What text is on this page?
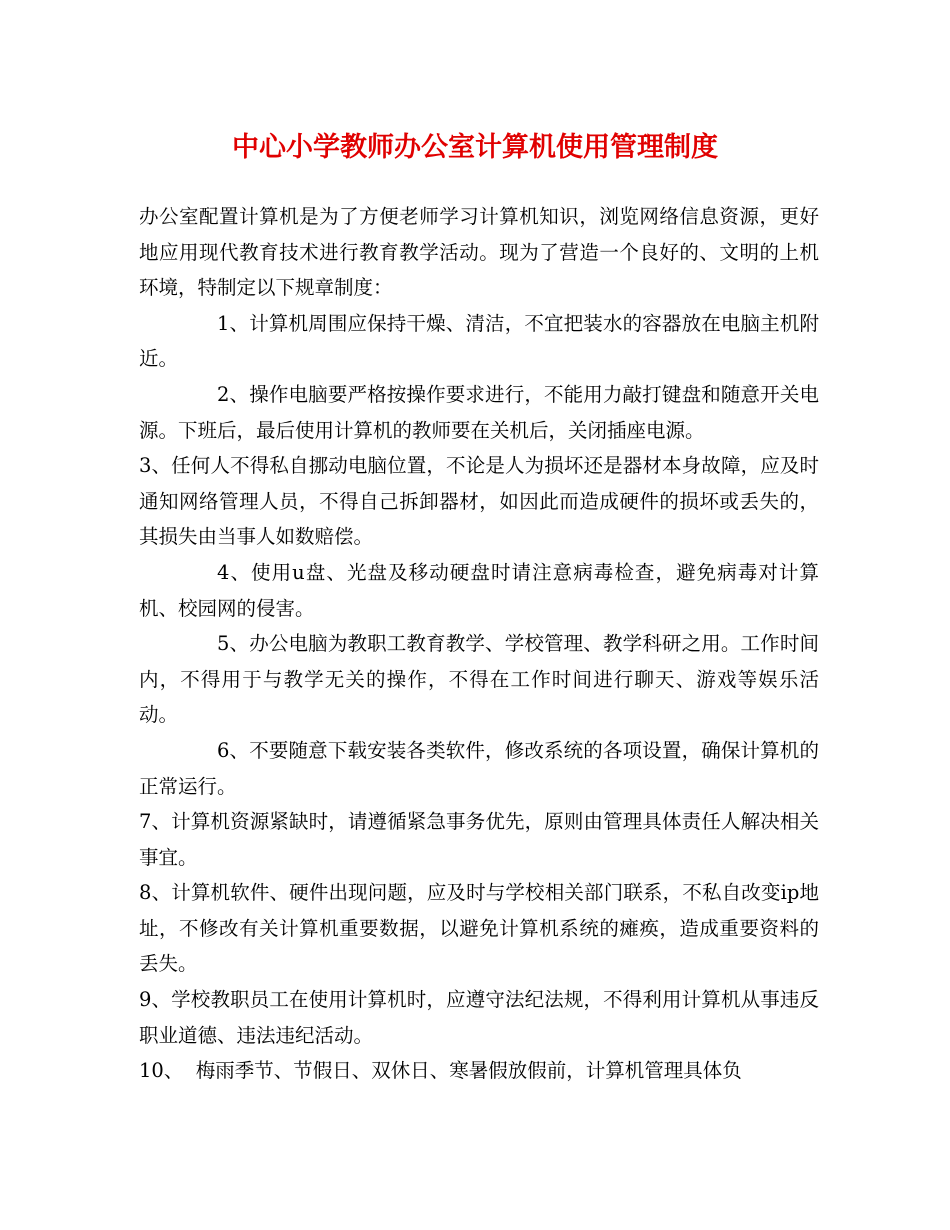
中心小学教师办公室计算机使用管理制度

办公室配置计算机是为了方便老师学习计算机知识，浏览网络信息资源，更好地应用现代教育技术进行教育教学活动。现为了营造一个良好的、文明的上机环境，特制定以下规章制度：

1、计算机周围应保持干燥、清洁，不宜把装水的容器放在电脑主机附近。

2、操作电脑要严格按操作要求进行，不能用力敲打键盘和随意开关电源。下班后，最后使用计算机的教师要在关机后，关闭插座电源。

3、任何人不得私自挪动电脑位置，不论是人为损坏还是器材本身故障，应及时通知网络管理人员，不得自己拆卸器材，如因此而造成硬件的损坏或丢失的，其损失由当事人如数赔偿。

4、使用u盘、光盘及移动硬盘时请注意病毒检查，避免病毒对计算机、校园网的侵害。

5、办公电脑为教职工教育教学、学校管理、教学科研之用。工作时间内，不得用于与教学无关的操作，不得在工作时间进行聊天、游戏等娱乐活动。

6、不要随意下载安装各类软件，修改系统的各项设置，确保计算机的正常运行。

7、计算机资源紧缺时，请遵循紧急事务优先，原则由管理具体责任人解决相关事宜。

8、计算机软件、硬件出现问题，应及时与学校相关部门联系，不私自改变ip地址，不修改有关计算机重要数据，以避免计算机系统的瘫痪，造成重要资料的丢失。

9、学校教职员工在使用计算机时，应遵守法纪法规，不得利用计算机从事违反职业道德、违法违纪活动。

10、  梅雨季节、节假日、双休日、寒暑假放假前，计算机管理具体负
